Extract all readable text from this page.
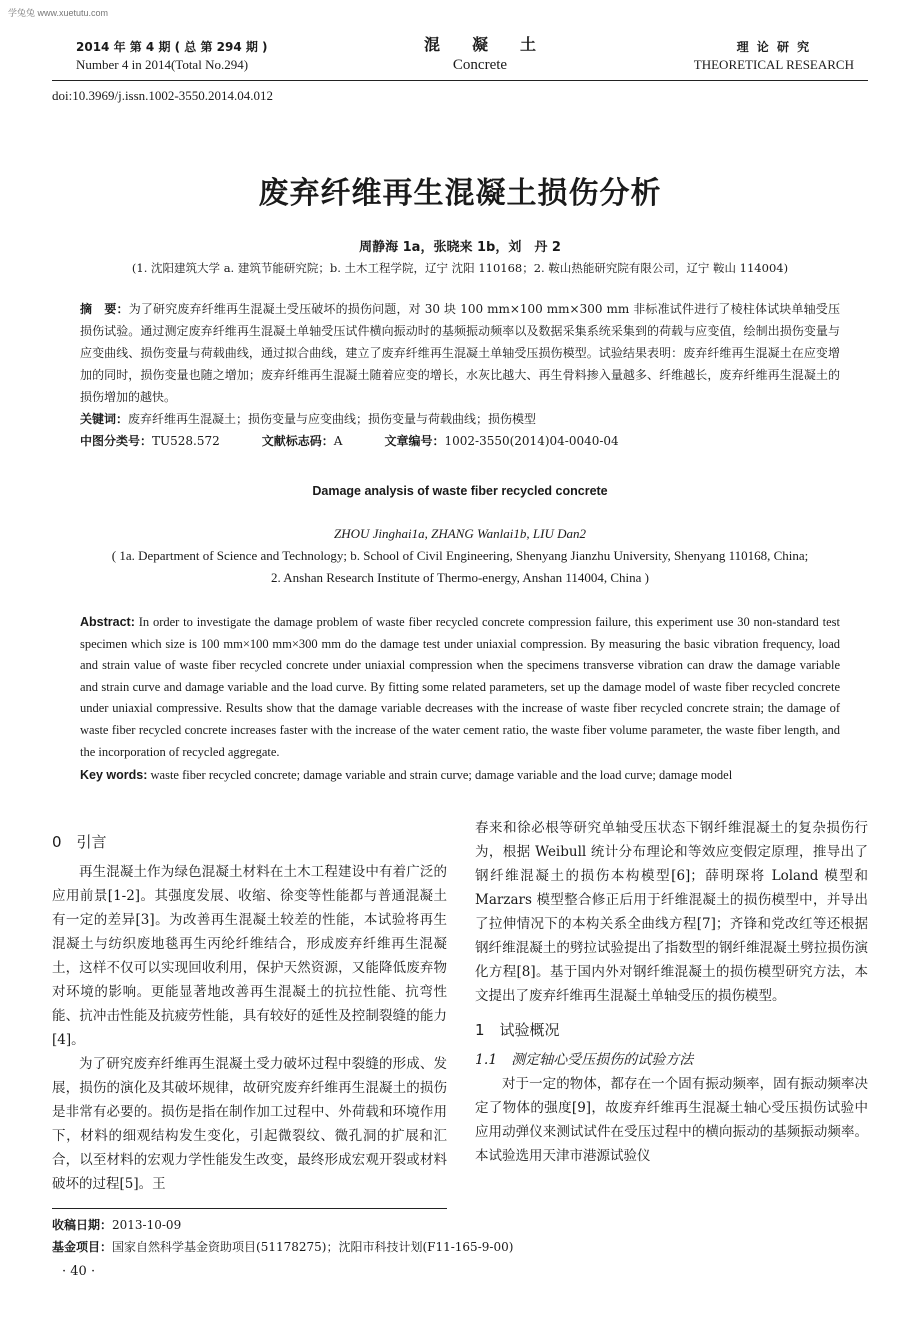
学兔兔 www.xuetutu.com
2014 年 第 4 期 ( 总 第 294 期 )
Number 4 in 2014(Total No.294)
混　　凝　　土
Concrete
理 论 研 究
THEORETICAL RESEARCH
doi:10.3969/j.issn.1002-3550.2014.04.012
废弃纤维再生混凝土损伤分析
周静海 1a，张晓来 1b，刘　丹 2
(1. 沈阳建筑大学 a. 建筑节能研究院；b. 土木工程学院，辽宁 沈阳 110168；2. 鞍山热能研究院有限公司，辽宁 鞍山 114004)
摘　要：为了研究废弃纤维再生混凝土受压破坏的损伤问题，对 30 块 100 mm×100 mm×300 mm 非标准试件进行了棱柱体试块单轴受压损伤试验。通过测定废弃纤维再生混凝土单轴受压试件横向振动时的基频振动频率以及数据采集系统采集到的荷载与应变值，绘制出损伤变量与应变曲线、损伤变量与荷载曲线，通过拟合曲线，建立了废弃纤维再生混凝土单轴受压损伤模型。试验结果表明：废弃纤维再生混凝土在应变增加的同时，损伤变量也随之增加；废弃纤维再生混凝土随着应变的增长，水灰比越大、再生骨料掺入量越多、纤维越长，废弃纤维再生混凝土的损伤增加的越快。
关键词：废弃纤维再生混凝土；损伤变量与应变曲线；损伤变量与荷载曲线；损伤模型
中图分类号：TU528.572	文献标志码：A	文章编号：1002-3550(2014)04-0040-04
Damage analysis of waste fiber recycled concrete
ZHOU Jinghai1a, ZHANG Wanlai1b, LIU Dan2
( 1a. Department of Science and Technology; b. School of Civil Engineering, Shenyang Jianzhu University, Shenyang 110168, China;
2. Anshan Research Institute of Thermo-energy, Anshan 114004, China )
Abstract: In order to investigate the damage problem of waste fiber recycled concrete compression failure, this experiment use 30 non-standard test specimen which size is 100 mm×100 mm×300 mm do the damage test under uniaxial compression. By measuring the basic vibration frequency, load and strain value of waste fiber recycled concrete under uniaxial compression when the specimens transverse vibration can draw the damage variable and strain curve and damage variable and the load curve. By fitting some related parameters, set up the damage model of waste fiber recycled concrete under uniaxial compressive. Results show that the damage variable decreases with the increase of waste fiber recycled concrete strain; the damage of waste fiber recycled concrete increases faster with the increase of the water cement ratio, the waste fiber volume parameter, the waste fiber length, and the incorporation of recycled aggregate.
Key words: waste fiber recycled concrete; damage variable and strain curve; damage variable and the load curve; damage model
0　引言
再生混凝土作为绿色混凝土材料在土木工程建设中有着广泛的应用前景[1-2]。其强度发展、收缩、徐变等性能都与普通混凝土有一定的差异[3]。为改善再生混凝土较差的性能，本试验将再生混凝土与纺织废地毯再生丙纶纤维结合，形成废弃纤维再生混凝土，这样不仅可以实现回收利用，保护天然资源，又能降低废弃物对环境的影响。更能显著地改善再生混凝土的抗拉性能、抗弯性能、抗冲击性能及抗疲劳性能，具有较好的延性及控制裂缝的能力[4]。
为了研究废弃纤维再生混凝土受力破坏过程中裂缝的形成、发展，损伤的演化及其破坏规律，故研究废弃纤维再生混凝土的损伤是非常有必要的。损伤是指在制作加工过程中、外荷载和环境作用下，材料的细观结构发生变化，引起微裂纹、微孔洞的扩展和汇合，以至材料的宏观力学性能发生改变，最终形成宏观开裂或材料破坏的过程[5]。王
春来和徐必根等研究单轴受压状态下钢纤维混凝土的复杂损伤行为，根据 Weibull 统计分布理论和等效应变假定原理，推导出了钢纤维混凝土的损伤本构模型[6]；薛明琛将 Loland 模型和 Marzars 模型整合修正后用于纤维混凝土的损伤模型中，并导出了拉伸情况下的本构关系全曲线方程[7]；齐锋和党改红等还根据钢纤维混凝土的劈拉试验提出了指数型的钢纤维混凝土劈拉损伤演化方程[8]。基于国内外对钢纤维混凝土的损伤模型研究方法，本文提出了废弃纤维再生混凝土单轴受压的损伤模型。
1　试验概况
1.1　测定轴心受压损伤的试验方法
对于一定的物体，都存在一个固有振动频率，固有振动频率决定了物体的强度[9]，故废弃纤维再生混凝土轴心受压损伤试验中应用动弹仪来测试试件在受压过程中的横向振动的基频振动频率。本试验选用天津市港源试验仪
收稿日期：2013-10-09
基金项目：国家自然科学基金资助项目(51178275)；沈阳市科技计划(F11-165-9-00)
· 40 ·
